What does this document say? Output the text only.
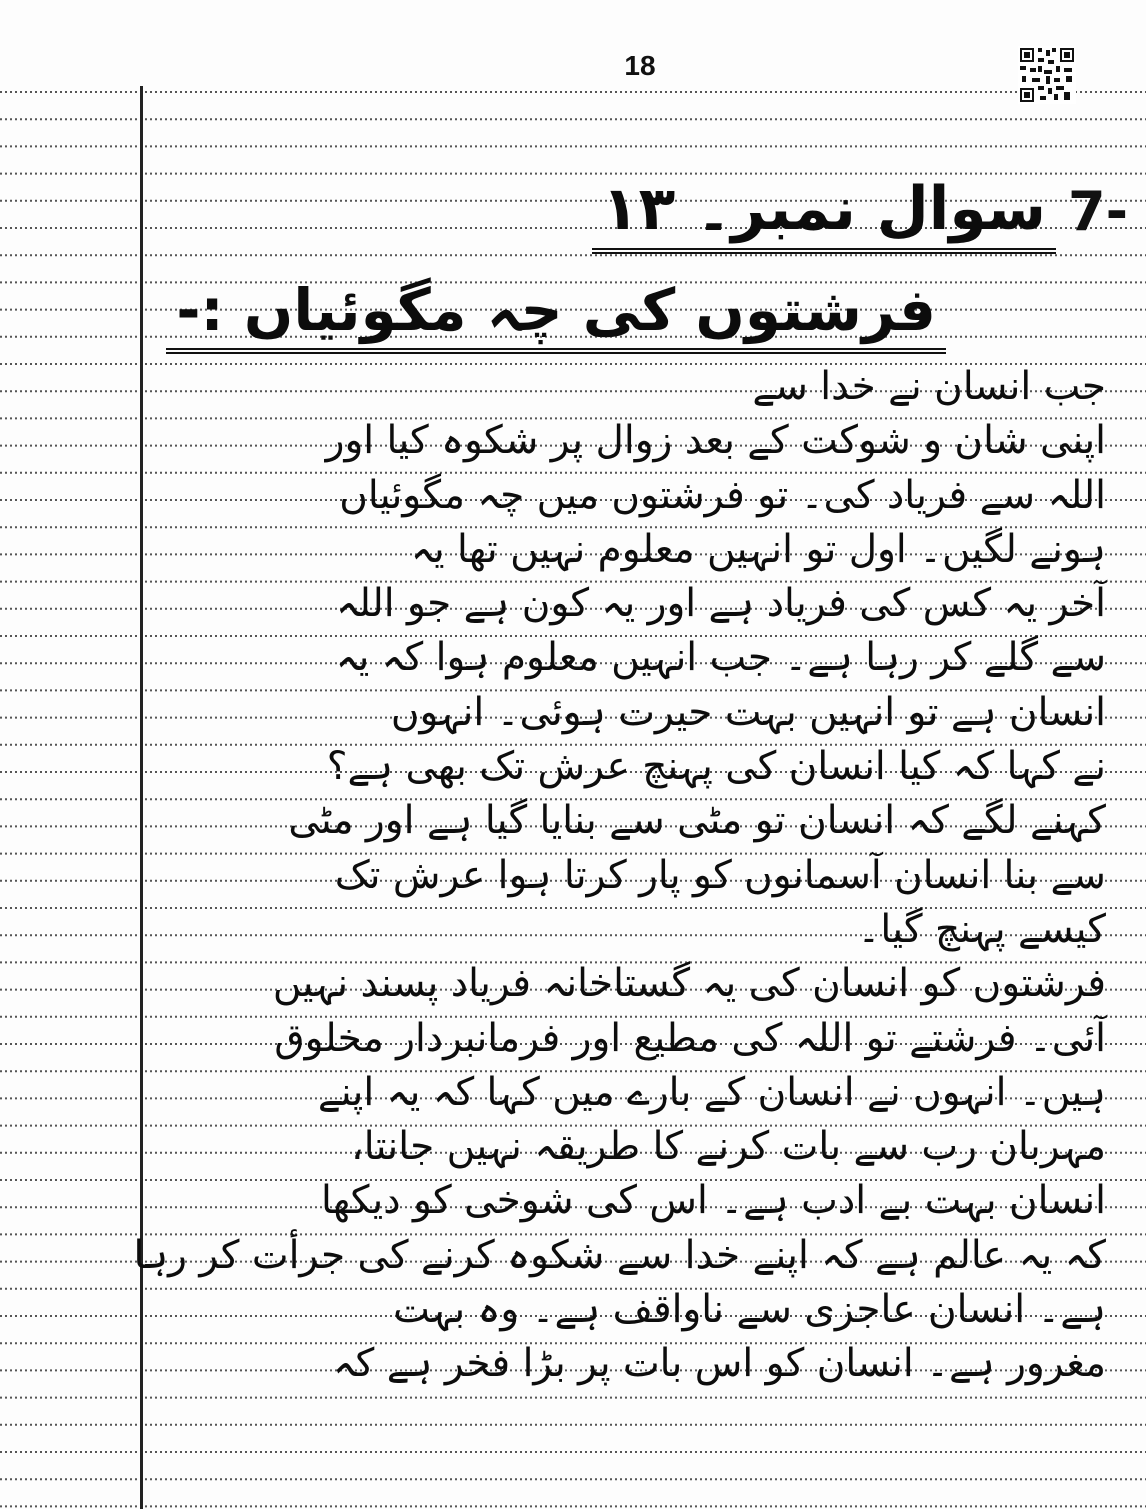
18
7-
سوال نمبر۔ ۱۳
فرشتوں کی چہ مگوئیاں :-
جب انسان نے خدا سے
اپنی شان و شوکت کے بعد زوال پر شکوہ کیا اور
اللہ سے فریاد کی۔ تو فرشتوں میں چہ مگوئیاں
ہونے لگیں۔ اول تو انہیں معلوم نہیں تھا یہ
آخر یہ کس کی فریاد ہے اور یہ کون ہے جو اللہ
سے گلے کر رہا ہے۔ جب انہیں معلوم ہوا کہ یہ
انسان ہے تو انہیں بہت حیرت ہوئی۔ انہوں
نے کہا کہ کیا انسان کی پہنچ عرش تک بھی ہے؟
کہنے لگے کہ انسان تو مٹی سے بنایا گیا ہے اور مٹی
سے بنا انسان آسمانوں کو پار کرتا ہوا عرش تک
کیسے پہنچ گیا۔
فرشتوں کو انسان کی یہ گستاخانہ فریاد پسند نہیں
آئی۔ فرشتے تو اللہ کی مطیع اور فرمانبردار مخلوق
ہیں۔ انہوں نے انسان کے بارے میں کہا کہ یہ اپنے
مہربان رب سے بات کرنے کا طریقہ نہیں جانتا،
انسان بہت بے ادب ہے۔ اس کی شوخی کو دیکھا
کہ یہ عالم ہے کہ اپنے خدا سے شکوہ کرنے کی جرأت کر رہا
ہے۔ انسان عاجزی سے ناواقف ہے۔ وہ بہت
مغرور ہے۔ انسان کو اس بات پر بڑا فخر ہے کہ
